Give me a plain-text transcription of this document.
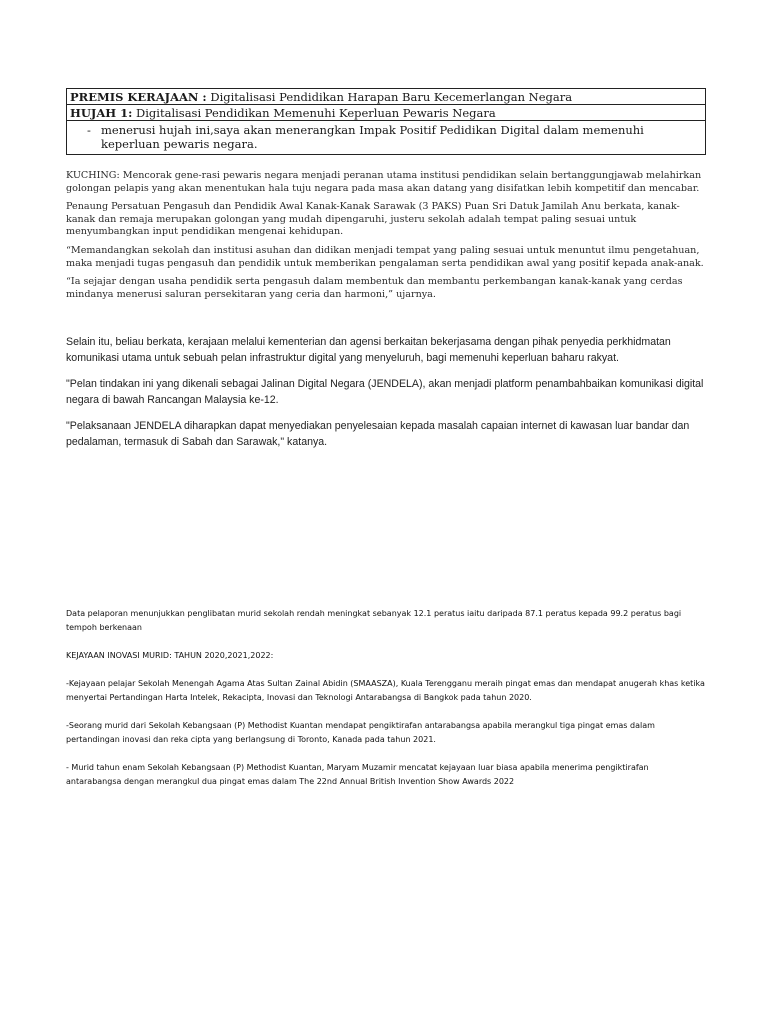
PREMIS KERAJAAN : Digitalisasi Pendidikan Harapan Baru Kecemerlangan Negara
HUJAH 1: Digitalisasi Pendidikan Memenuhi Keperluan Pewaris Negara
- menerusi hujah ini,saya akan menerangkan Impak Positif Pedidikan Digital dalam memenuhi keperluan pewaris negara.

KUCHING: Mencorak gene-rasi pewaris negara menjadi peranan utama institusi pendidikan selain bertanggungjawab melahirkan golongan pelapis yang akan menentukan hala tuju negara pada masa akan datang yang disifatkan lebih kompetitif dan mencabar.

Penaung Persatuan Pengasuh dan Pendidik Awal Kanak-Kanak Sarawak (3 PAKS) Puan Sri Datuk Jamilah Anu berkata, kanak-kanak dan remaja merupakan golongan yang mudah dipengaruhi, justeru sekolah adalah tempat paling sesuai untuk menyumbangkan input pendidikan mengenai kehidupan.

“Memandangkan sekolah dan institusi asuhan dan didikan menjadi tempat yang paling sesuai untuk menuntut ilmu pengetahuan, maka menjadi tugas pengasuh dan pendidik untuk memberikan pengalaman serta pendidikan awal yang positif kepada anak-anak.

“Ia sejajar dengan usaha pendidik serta pengasuh dalam membentuk dan membantu perkembangan kanak-kanak yang cerdas mindanya menerusi saluran persekitaran yang ceria dan harmoni,” ujarnya.

Selain itu, beliau berkata, kerajaan melalui kementerian dan agensi berkaitan bekerjasama dengan pihak penyedia perkhidmatan komunikasi utama untuk sebuah pelan infrastruktur digital yang menyeluruh, bagi memenuhi keperluan baharu rakyat.

"Pelan tindakan ini yang dikenali sebagai Jalinan Digital Negara (JENDELA), akan menjadi platform penambahbaikan komunikasi digital negara di bawah Rancangan Malaysia ke-12.

"Pelaksanaan JENDELA diharapkan dapat menyediakan penyelesaian kepada masalah capaian internet di kawasan luar bandar dan pedalaman, termasuk di Sabah dan Sarawak," katanya.

Data pelaporan menunjukkan penglibatan murid sekolah rendah meningkat sebanyak 12.1 peratus iaitu daripada 87.1 peratus kepada 99.2 peratus bagi tempoh berkenaan

KEJAYAAN INOVASI MURID: TAHUN 2020,2021,2022:

-Kejayaan pelajar Sekolah Menengah Agama Atas Sultan Zainal Abidin (SMAASZA), Kuala Terengganu meraih pingat emas dan mendapat anugerah khas ketika menyertai Pertandingan Harta Intelek, Rekacipta, Inovasi dan Teknologi Antarabangsa di Bangkok pada tahun 2020.

-Seorang murid dari Sekolah Kebangsaan (P) Methodist Kuantan mendapat pengiktirafan antarabangsa apabila merangkul tiga pingat emas dalam pertandingan inovasi dan reka cipta yang berlangsung di Toronto, Kanada pada tahun 2021.

- Murid tahun enam Sekolah Kebangsaan (P) Methodist Kuantan, Maryam Muzamir mencatat kejayaan luar biasa apabila menerima pengiktirafan antarabangsa dengan merangkul dua pingat emas dalam The 22nd Annual British Invention Show Awards 2022
